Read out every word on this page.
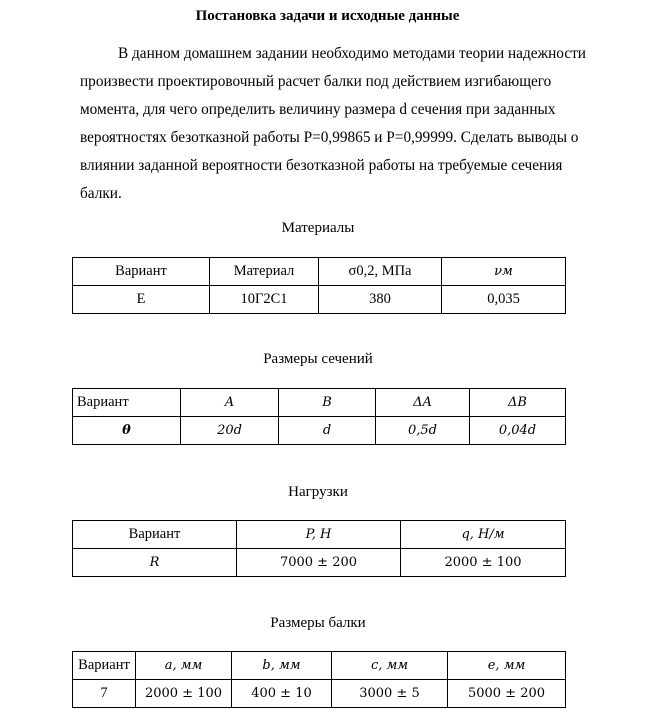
Постановка задачи и исходные данные
В данном домашнем задании необходимо методами теории надежности
произвести проектировочный расчет балки под действием изгибающего
момента, для чего определить величину размера d сечения при заданных
вероятностях безотказной работы P=0,99865 и P=0,99999. Сделать выводы о
влиянии заданной вероятности безотказной работы на требуемые сечения
балки.
Материалы
Вариант	Материал	σ0,2, МПа	νм
Е	10Г2С1	380	0,035
Размеры сечений
Вариант	A	B	ΔA	ΔB
θ	20d	d	0,5d	0,04d
Нагрузки
Вариант	P, H	q, H/м
R	7000 ± 200	2000 ± 100
Размеры балки
Вариант	a, мм	b, мм	c, мм	e, мм
7	2000 ± 100	400 ± 10	3000 ± 5	5000 ± 200
